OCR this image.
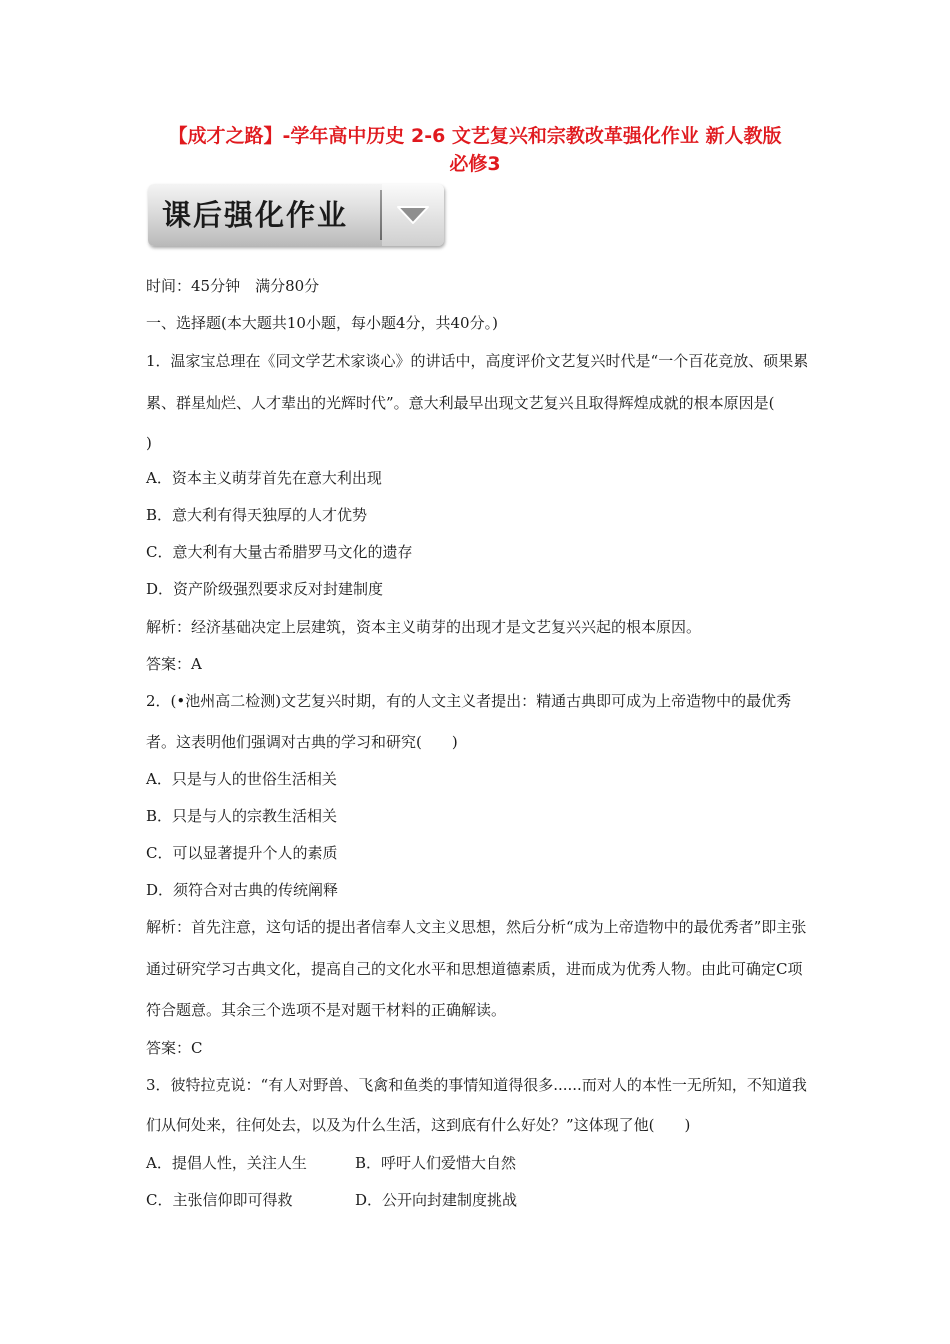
【成才之路】-学年高中历史 2-6 文艺复兴和宗教改革强化作业 新人教版
必修3
课后强化作业
时间：45分钟　满分80分
一、选择题(本大题共10小题，每小题4分，共40分。)
1．温家宝总理在《同文学艺术家谈心》的讲话中，高度评价文艺复兴时代是“一个百花竞放、硕果累
累、群星灿烂、人才辈出的光辉时代”。意大利最早出现文艺复兴且取得辉煌成就的根本原因是(
)
A．资本主义萌芽首先在意大利出现
B．意大利有得天独厚的人才优势
C．意大利有大量古希腊罗马文化的遗存
D．资产阶级强烈要求反对封建制度
解析：经济基础决定上层建筑，资本主义萌芽的出现才是文艺复兴兴起的根本原因。
答案：A
2．(•池州高二检测)文艺复兴时期，有的人文主义者提出：精通古典即可成为上帝造物中的最优秀
者。这表明他们强调对古典的学习和研究(　　)
A．只是与人的世俗生活相关
B．只是与人的宗教生活相关
C．可以显著提升个人的素质
D．须符合对古典的传统阐释
解析：首先注意，这句话的提出者信奉人文主义思想，然后分析“成为上帝造物中的最优秀者”即主张
通过研究学习古典文化，提高自己的文化水平和思想道德素质，进而成为优秀人物。由此可确定C项
符合题意。其余三个选项不是对题干材料的正确解读。
答案：C
3．彼特拉克说：“有人对野兽、飞禽和鱼类的事情知道得很多......而对人的本性一无所知，不知道我
们从何处来，往何处去，以及为什么生活，这到底有什么好处？”这体现了他(　　)
A．提倡人性，关注人生	B．呼吁人们爱惜大自然
C．主张信仰即可得救	D．公开向封建制度挑战
